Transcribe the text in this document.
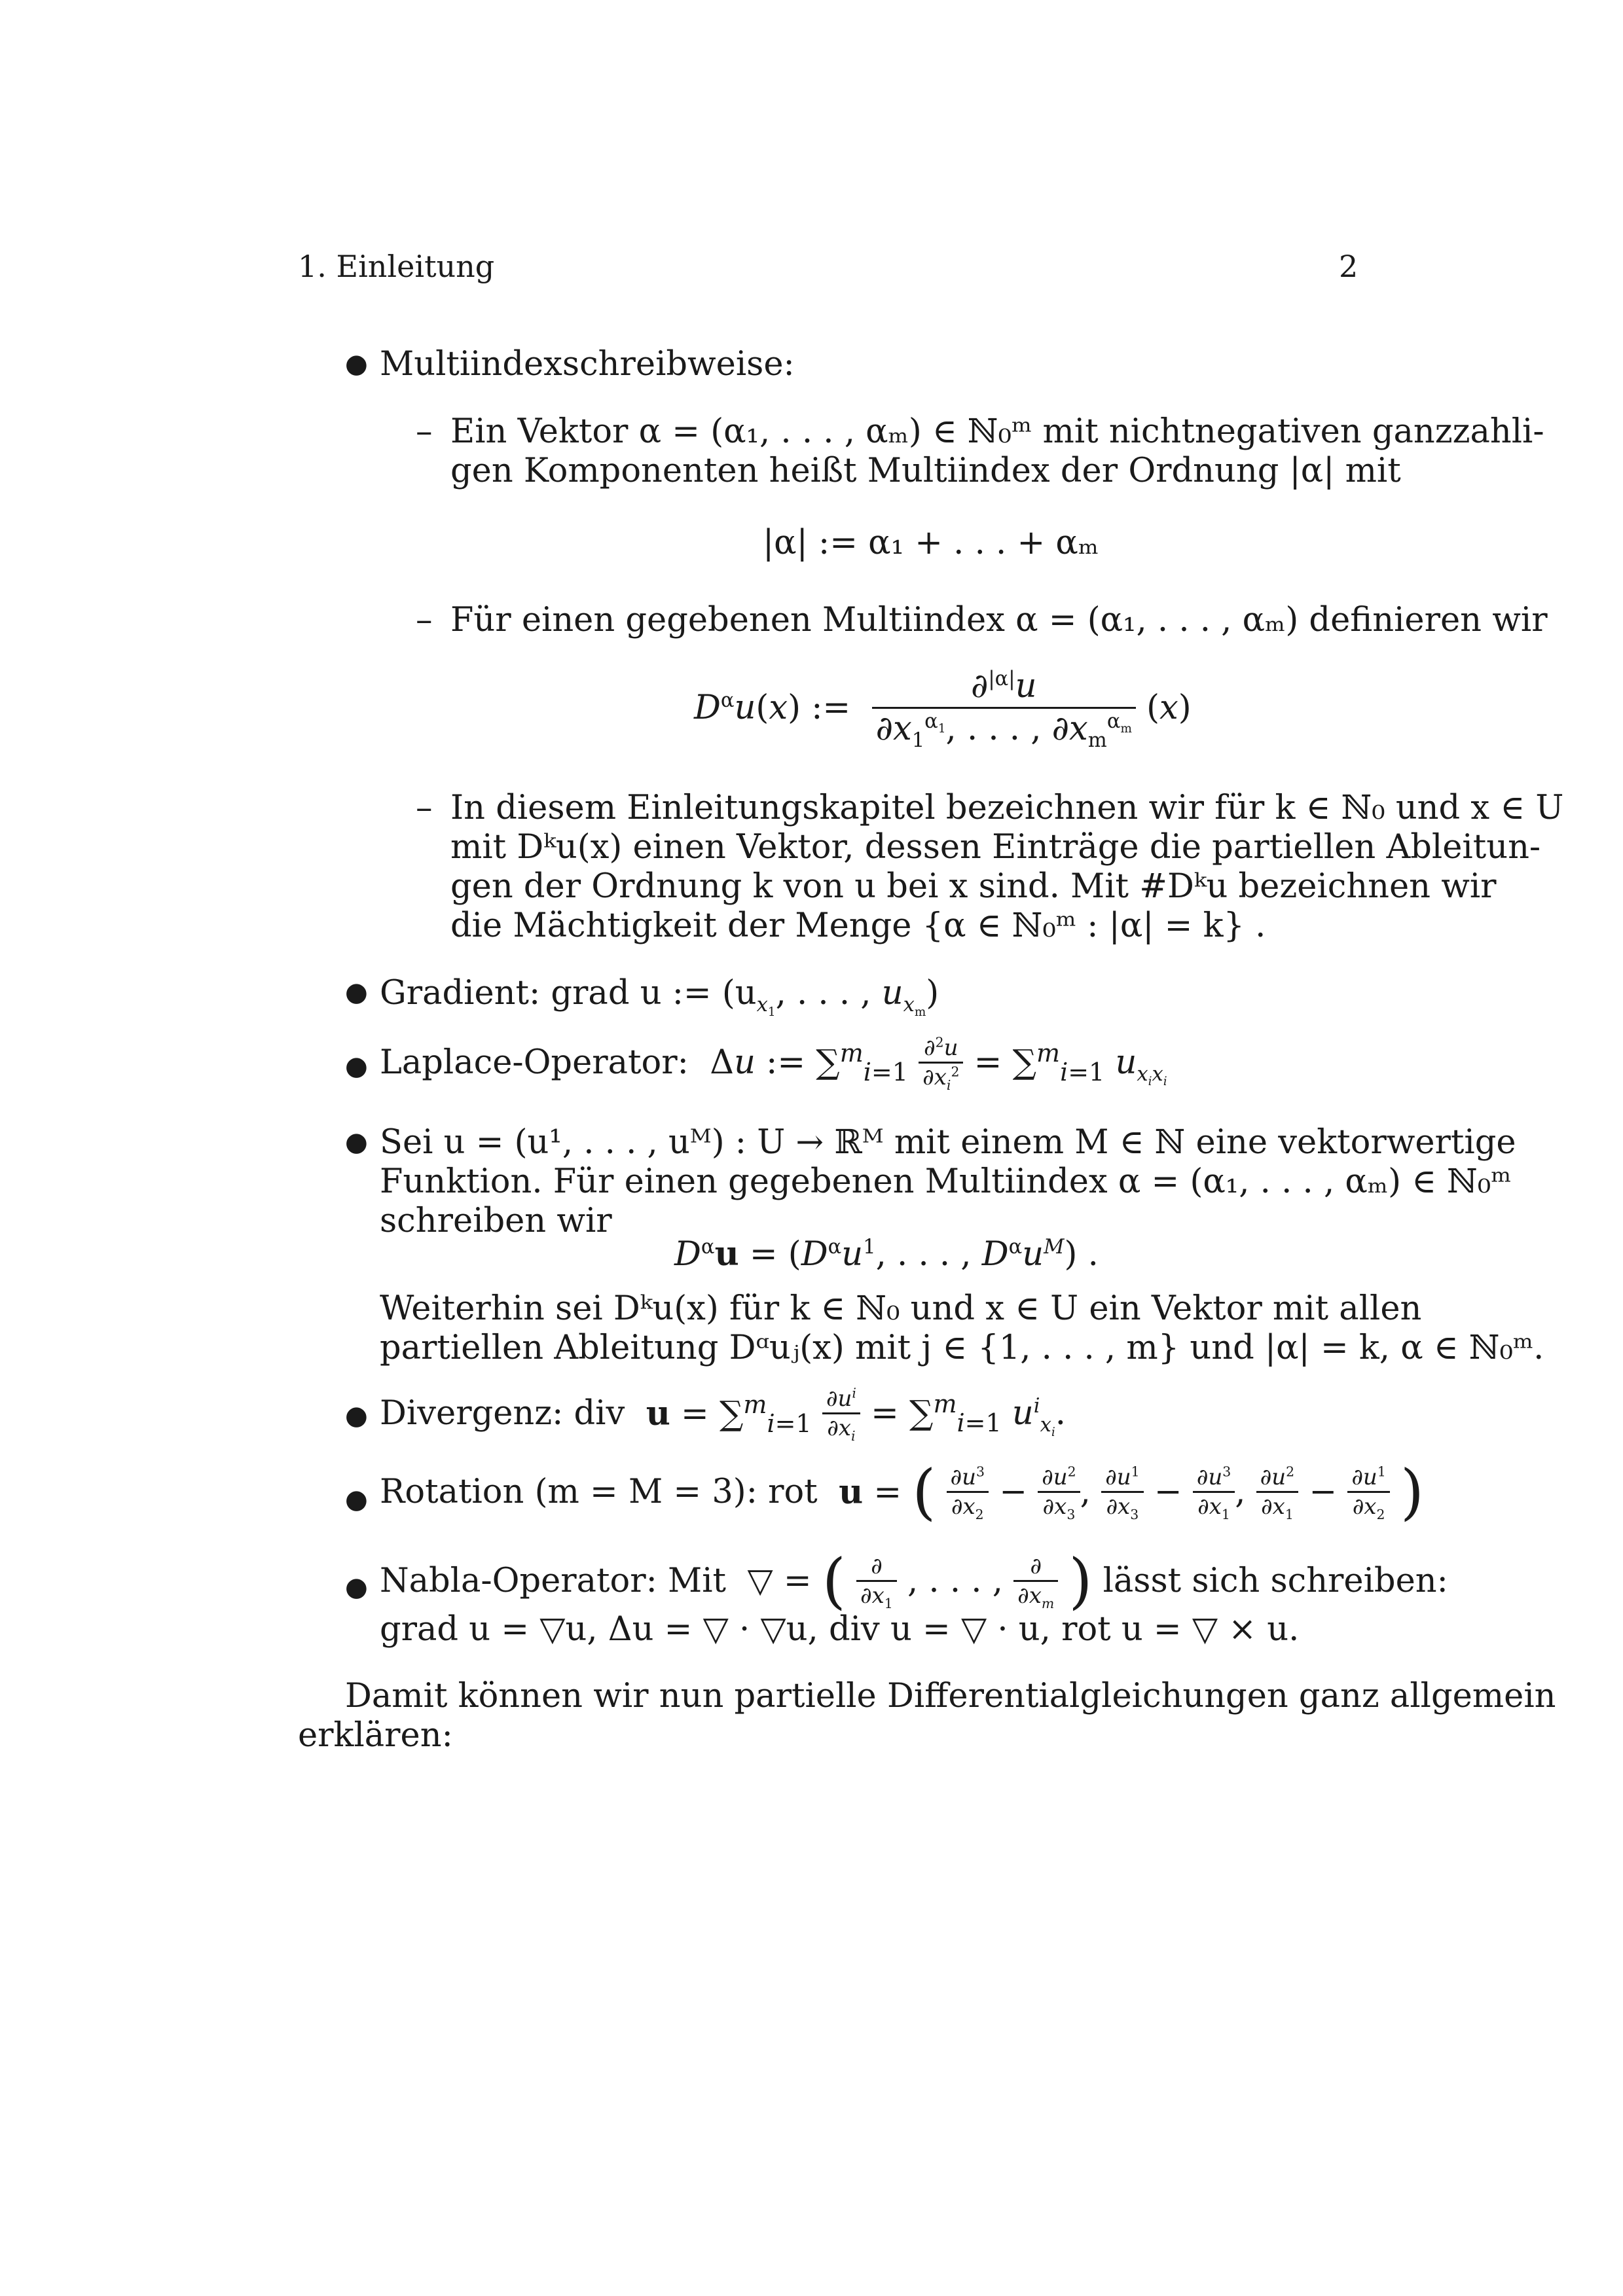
1. Einleitung	2
● Multiindexschreibweise:
– Ein Vektor α = (α₁, . . . , αₘ) ∈ ℕ₀ᵐ mit nichtnegativen ganzzahli-
gen Komponenten heißt Multiindex der Ordnung |α| mit
|α| := α₁ + . . . + αₘ
– Für einen gegebenen Multiindex α = (α₁, . . . , αₘ) definieren wir
$D^\alpha u(x)$ := $\frac{\partial^{|\alpha|}u}{\partial x_1^{\alpha_1}, . . . , \partial x_m^{\alpha_m}} (x)$
– In diesem Einleitungskapitel bezeichnen wir für k ∈ ℕ₀ und x ∈ U
mit Dᵏu(x) einen Vektor, dessen Einträge die partiellen Ableitun-
gen der Ordnung k von u bei x sind. Mit #Dᵏu bezeichnen wir
die Mächtigkeit der Menge {α ∈ ℕ₀ᵐ : |α| = k} .
● Gradient: grad u := ($u_{x_1}$, . . . , $u_{x_m}$)
● Laplace-Operator:  Δu := $\sum^m_{i=1} \frac{\partial^2u}{\partial x_i^2} = \sum^m_{i=1}$ $u_{x_ix_i}$
● Sei u = (u¹, . . . , uᴹ) : U → ℝᴹ mit einem M ∈ ℕ eine vektorwertige
Funktion. Für einen gegebenen Multiindex α = (α₁, . . . , αₘ) ∈ ℕ₀ᵐ
schreiben wir
$D^\alpha u = (D^\alpha u^1$, . . . , $D^\alpha u^M$) .
Weiterhin sei Dᵏu(x) für k ∈ ℕ₀ und x ∈ U ein Vektor mit allen
partiellen Ableitung Dᵅuⱼ(x) mit j ∈ {1, . . . , m} und |α| = k, α ∈ ℕ₀ᵐ.
● Divergenz: div $u = \sum^m_{i=1} \frac{\partial u^i}{\partial x_i} = \sum^m_{i=1}$ $u^i_{x_i}$.
● Rotation (m = M = 3): rot u = ( $\frac{\partial u^3}{\partial x_2} - \frac{\partial u^2}{\partial x_3}$ , $\frac{\partial u^1}{\partial x_3} - \frac{\partial u^3}{\partial x_1}$ , $\frac{\partial u^2}{\partial x_1} - \frac{\partial u^1}{\partial x_2}$ )
● Nabla-Operator: Mit  ▽ = ( $\frac{\partial}{\partial x_1}$ , . . . , $\frac{\partial}{\partial x_m}$ ) lässt sich schreiben:
grad u = ▽u, Δu = ▽ · ▽u, div u = ▽ · u, rot u = ▽ × u.
Damit können wir nun partielle Differentialgleichungen ganz allgemein
erklären:
